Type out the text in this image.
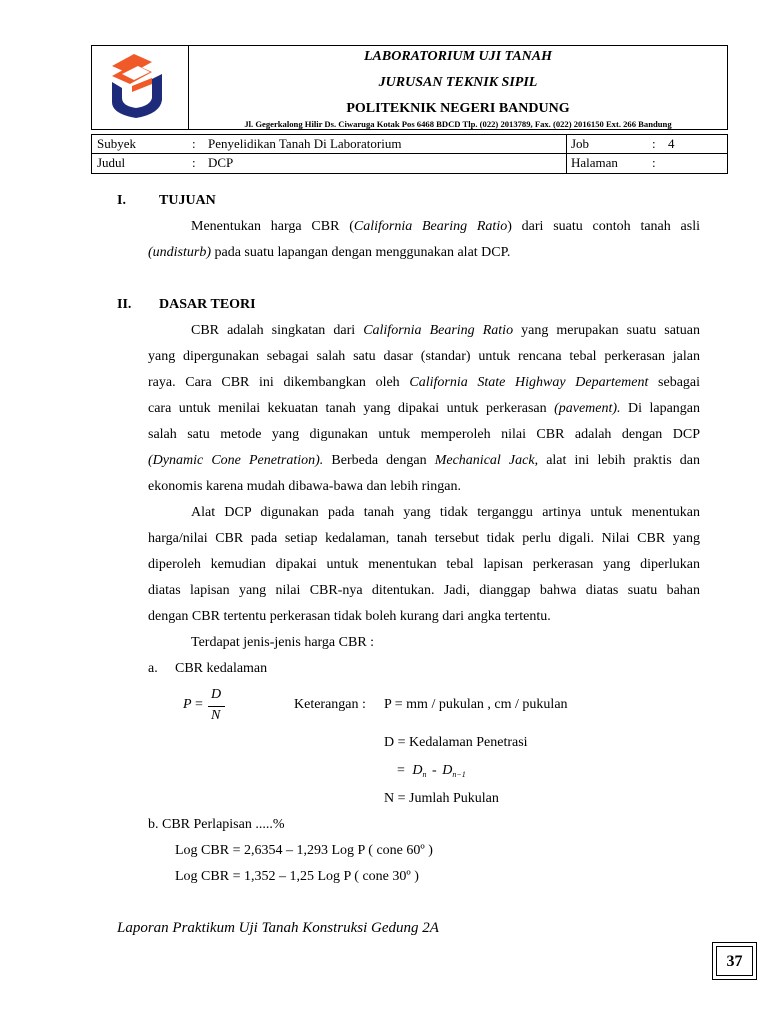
LABORATORIUM UJI TANAH
JURUSAN TEKNIK SIPIL
POLITEKNIK NEGERI BANDUNG
Jl. Gegerkalong Hilir Ds. Ciwaruga Kotak Pos 6468 BDCD Tlp. (022) 2013789, Fax. (022) 2016150 Ext. 266 Bandung
Subyek	: Penyelidikan Tanah Di Laboratorium
Judul	: DCP
Job	: 4
Halaman	:
I. TUJUAN
Menentukan harga CBR (California Bearing Ratio) dari suatu contoh tanah asli
(undisturb) pada suatu lapangan dengan menggunakan alat DCP.
II. DASAR TEORI
CBR adalah singkatan dari California Bearing Ratio yang merupakan suatu satuan
yang dipergunakan sebagai salah satu dasar (standar) untuk rencana tebal perkerasan jalan
raya. Cara CBR ini dikembangkan oleh California State Highway Departement sebagai
cara untuk menilai kekuatan tanah yang dipakai untuk perkerasan (pavement). Di lapangan
salah satu metode yang digunakan untuk memperoleh nilai CBR adalah dengan DCP
(Dynamic Cone Penetration). Berbeda dengan Mechanical Jack, alat ini lebih praktis dan
ekonomis karena mudah dibawa-bawa dan lebih ringan.
Alat DCP digunakan pada tanah yang tidak terganggu artinya untuk menentukan
harga/nilai CBR pada setiap kedalaman, tanah tersebut tidak perlu digali. Nilai CBR yang
diperoleh kemudian dipakai untuk menentukan tebal lapisan perkerasan yang diperlukan
diatas lapisan yang nilai CBR-nya ditentukan. Jadi, dianggap bahwa diatas suatu bahan
dengan CBR tertentu perkerasan tidak boleh kurang dari angka tertentu.
Terdapat jenis-jenis harga CBR :
a. CBR kedalaman
P =
D
N
Keterangan : P = mm / pukulan , cm / pukulan
D = Kedalaman Penetrasi
= $D_n - D_{n-1}$
N = Jumlah Pukulan
b. CBR Perlapisan .....%
Log CBR = 2,6354 – 1,293 Log P ( cone 60º )
Log CBR = 1,352 – 1,25 Log P ( cone 30º )
Laporan Praktikum Uji Tanah Konstruksi Gedung 2A
37
